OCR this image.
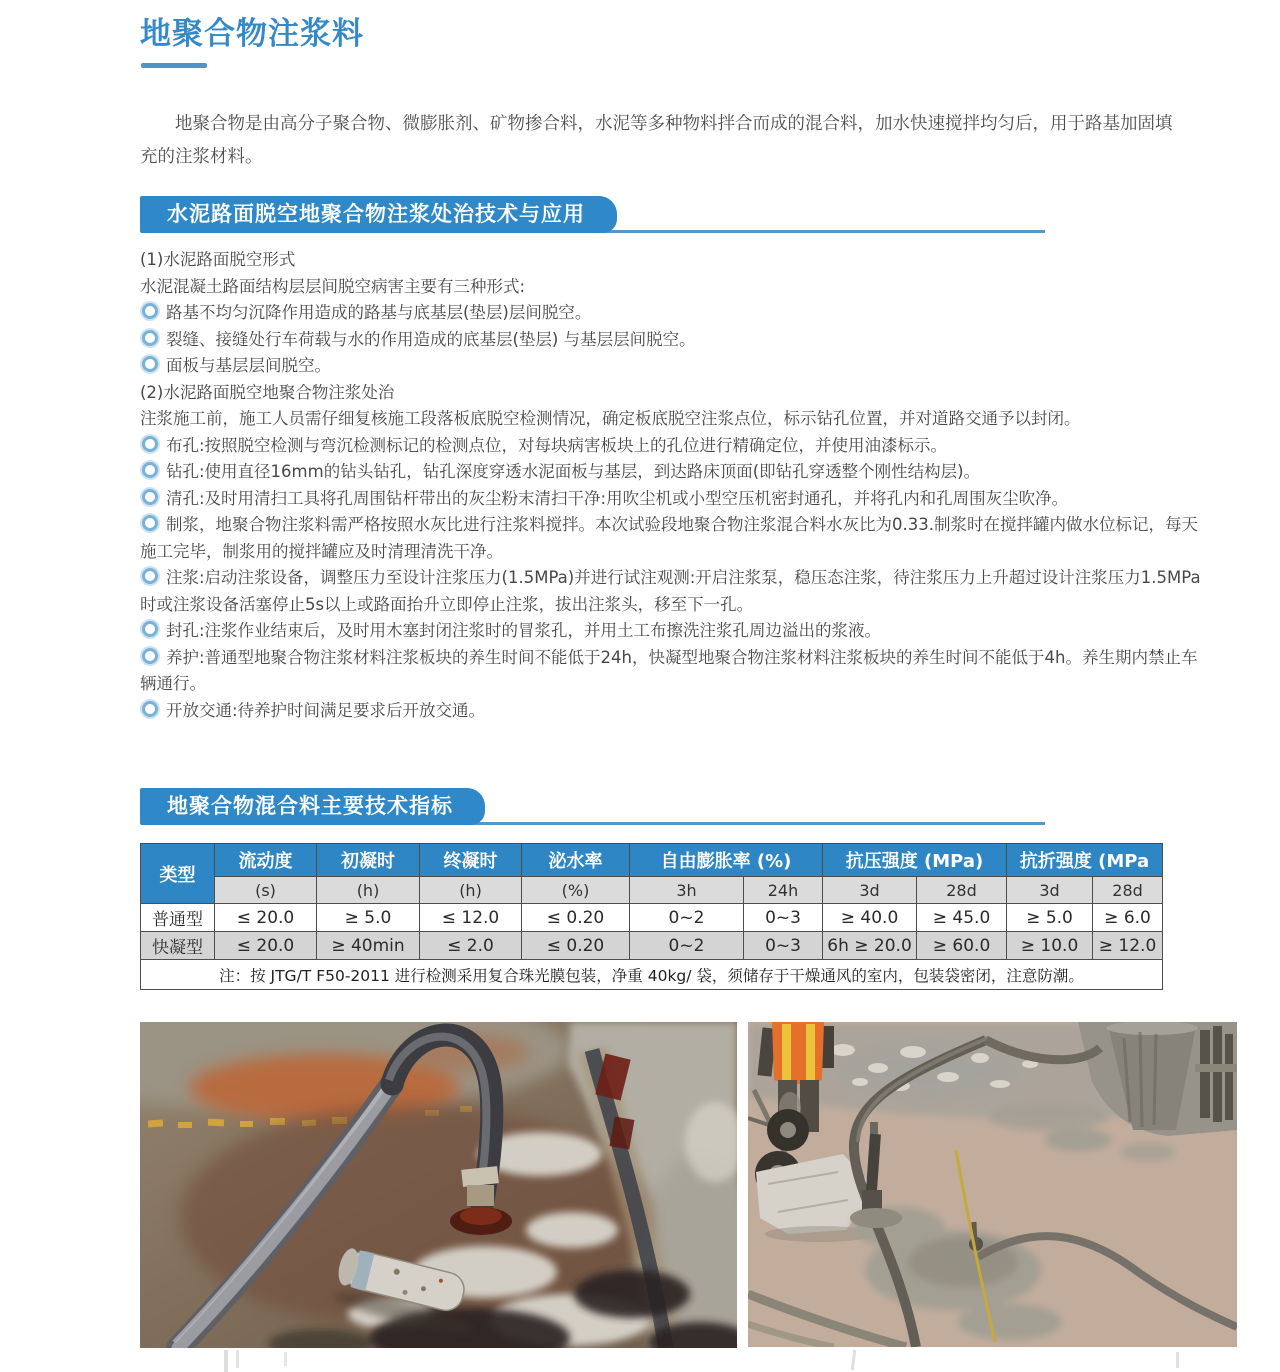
地聚合物注浆料

地聚合物是由高分子聚合物、微膨胀剂、矿物掺合料，水泥等多种物料拌合而成的混合料，加水快速搅拌均匀后，用于路基加固填充的注浆材料。

水泥路面脱空地聚合物注浆处治技术与应用

(1)水泥路面脱空形式

水泥混凝土路面结构层层间脱空病害主要有三种形式:

路基不均匀沉降作用造成的路基与底基层(垫层)层间脱空。

裂缝、接缝处行车荷载与水的作用造成的底基层(垫层) 与基层层间脱空。

面板与基层层间脱空。

(2)水泥路面脱空地聚合物注浆处治

注浆施工前，施工人员需仔细复核施工段落板底脱空检测情况，确定板底脱空注浆点位，标示钻孔位置，并对道路交通予以封闭。

布孔:按照脱空检测与弯沉检测标记的检测点位，对每块病害板块上的孔位进行精确定位，并使用油漆标示。

钻孔:使用直径16mm的钻头钻孔，钻孔深度穿透水泥面板与基层，到达路床顶面(即钻孔穿透整个刚性结构层)。

清孔:及时用清扫工具将孔周围钻杆带出的灰尘粉末清扫干净:用吹尘机或小型空压机密封通孔，并将孔内和孔周围灰尘吹净。

制浆，地聚合物注浆料需严格按照水灰比进行注浆料搅拌。本次试验段地聚合物注浆混合料水灰比为0.33.制浆时在搅拌罐内做水位标记，每天施工完毕，制浆用的搅拌罐应及时清理清洗干净。

注浆:启动注浆设备，调整压力至设计注浆压力(1.5MPa)并进行试注观测:开启注浆泵，稳压态注浆，待注浆压力上升超过设计注浆压力1.5MPa时或注浆设备活塞停止5s以上或路面抬升立即停止注浆，拔出注浆头，移至下一孔。

封孔:注浆作业结束后，及时用木塞封闭注浆时的冒浆孔，并用土工布擦洗注浆孔周边溢出的浆液。

养护:普通型地聚合物注浆材料注浆板块的养生时间不能低于24h，快凝型地聚合物注浆材料注浆板块的养生时间不能低于4h。养生期内禁止车辆通行。

开放交通:待养护时间满足要求后开放交通。

地聚合物混合料主要技术指标
类型	流动度	初凝时	终凝时	泌水率	自由膨胀率 (%)		抗压强度 (MPa)		抗折强度 (MPa	
	(s)	(h)	(h)	(%)	3h	24h	3d	28d	3d	28d
普通型	≤ 20.0	≥ 5.0	≤ 12.0	≤ 0.20	0~2	0~3	≥ 40.0	≥ 45.0	≥ 5.0	≥ 6.0
快凝型	≤ 20.0	≥ 40min	≤ 2.0	≤ 0.20	0~2	0~3	6h ≥ 20.0	≥ 60.0	≥ 10.0	≥ 12.0
注：按 JTG/T F50-2011 进行检测采用复合珠光膜包装，净重 40kg/ 袋，须储存于干燥通风的室内，包装袋密闭，注意防潮。										
